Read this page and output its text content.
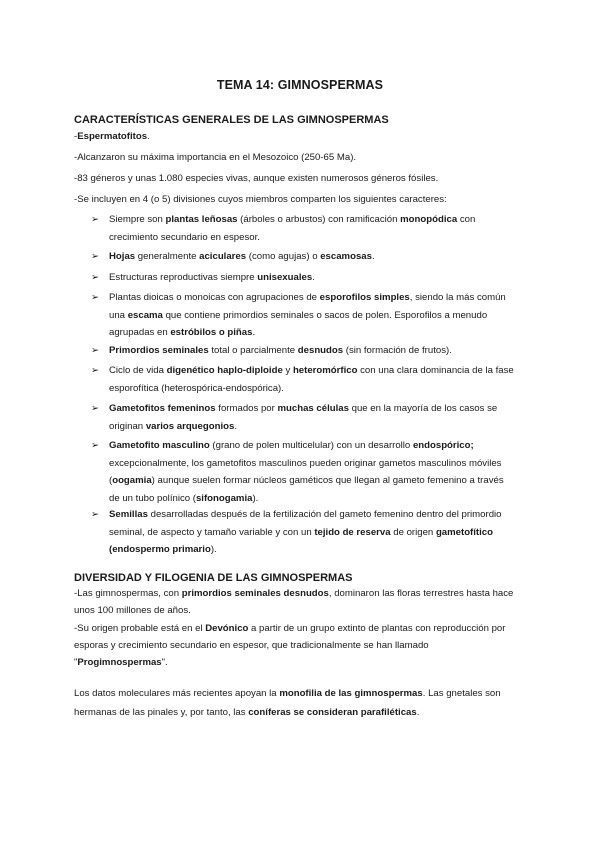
TEMA 14: GIMNOSPERMAS
CARACTERÍSTICAS GENERALES DE LAS GIMNOSPERMAS
-Espermatofitos.
-Alcanzaron su máxima importancia en el Mesozoico (250-65 Ma).
-83 géneros y unas 1.080 especies vivas, aunque existen numerosos géneros fósiles.
-Se incluyen en 4 (o 5) divisiones cuyos miembros comparten los siguientes caracteres:
➢ Siempre son plantas leñosas (árboles o arbustos) con ramificación monopódica con
crecimiento secundario en espesor.
➢ Hojas generalmente aciculares (como agujas) o escamosas.
➢ Estructuras reproductivas siempre unisexuales.
➢ Plantas dioicas o monoicas con agrupaciones de esporofilos simples, siendo la más común
una escama que contiene primordios seminales o sacos de polen. Esporofilos a menudo
agrupadas en estróbilos o piñas.
➢ Primordios seminales total o parcialmente desnudos (sin formación de frutos).
➢ Ciclo de vida digenético haplo-diploide y heteromórfico con una clara dominancia de la fase
esporofítica (heterospórica-endospórica).
➢ Gametofitos femeninos formados por muchas células que en la mayoría de los casos se
originan varios arquegonios.
➢ Gametofito masculino (grano de polen multicelular) con un desarrollo endospórico;
excepcionalmente, los gametofitos masculinos pueden originar gametos masculinos móviles
(oogamia) aunque suelen formar núcleos gaméticos que llegan al gameto femenino a través
de un tubo polínico (sifonogamia).
➢ Semillas desarrolladas después de la fertilización del gameto femenino dentro del primordio
seminal, de aspecto y tamaño variable y con un tejido de reserva de origen gametofítico
(endospermo primario).
DIVERSIDAD Y FILOGENIA DE LAS GIMNOSPERMAS
-Las gimnospermas, con primordios seminales desnudos, dominaron las floras terrestres hasta hace
unos 100 millones de años.
-Su origen probable está en el Devónico a partir de un grupo extinto de plantas con reproducción por
esporas y crecimiento secundario en espesor, que tradicionalmente se han llamado
"Progimnospermas".
Los datos moleculares más recientes apoyan la monofilia de las gimnospermas. Las gnetales son
hermanas de las pinales y, por tanto, las coníferas se consideran parafiléticas.
